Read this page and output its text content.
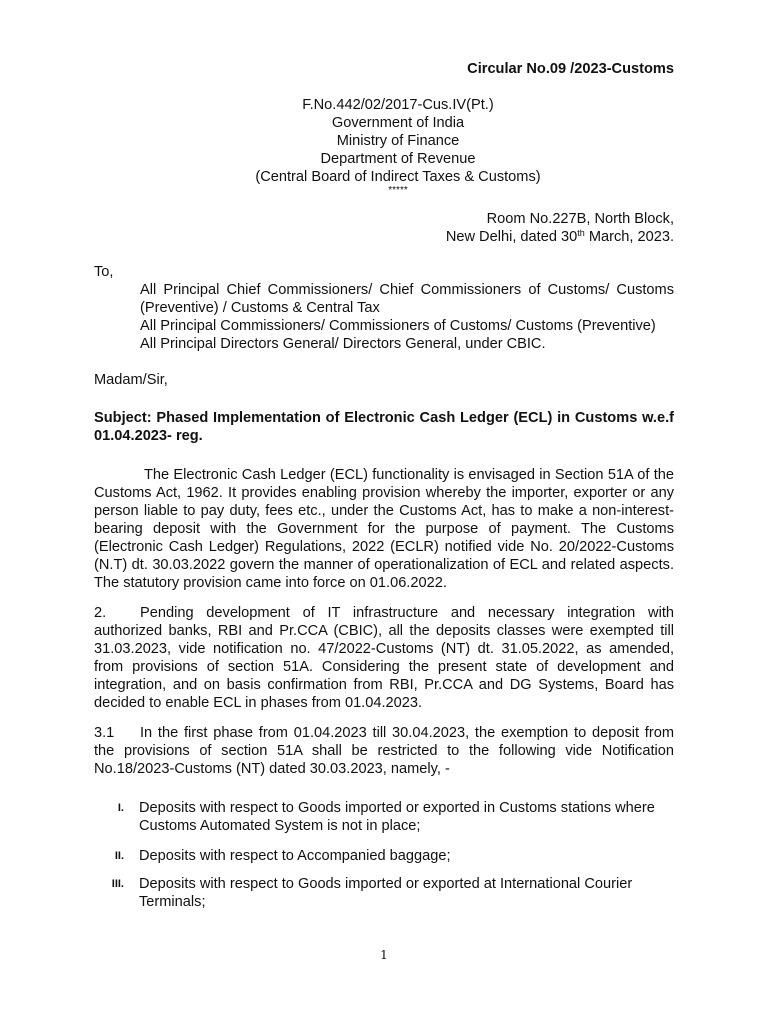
Circular No.09 /2023-Customs
F.No.442/02/2017-Cus.IV(Pt.)
Government of India
Ministry of Finance
Department of Revenue
(Central Board of Indirect Taxes & Customs)
*****
Room No.227B, North Block,
New Delhi, dated 30th March, 2023.
To,

All Principal Chief Commissioners/ Chief Commissioners of Customs/ Customs (Preventive) / Customs & Central Tax

All Principal Commissioners/ Commissioners of Customs/ Customs (Preventive)

All Principal Directors General/ Directors General, under CBIC.

Madam/Sir,
Subject: Phased Implementation of Electronic Cash Ledger (ECL) in Customs w.e.f 01.04.2023- reg.

The Electronic Cash Ledger (ECL) functionality is envisaged in Section 51A of the Customs Act, 1962. It provides enabling provision whereby the importer, exporter or any person liable to pay duty, fees etc., under the Customs Act, has to make a non-interest-bearing deposit with the Government for the purpose of payment. The Customs (Electronic Cash Ledger) Regulations, 2022 (ECLR) notified vide No. 20/2022-Customs (N.T) dt. 30.03.2022 govern the manner of operationalization of ECL and related aspects. The statutory provision came into force on 01.06.2022.

2. Pending development of IT infrastructure and necessary integration with authorized banks, RBI and Pr.CCA (CBIC), all the deposits classes were exempted till 31.03.2023, vide notification no. 47/2022-Customs (NT) dt. 31.05.2022, as amended, from provisions of section 51A. Considering the present state of development and integration, and on basis confirmation from RBI, Pr.CCA and DG Systems, Board has decided to enable ECL in phases from 01.04.2023.

3.1 In the first phase from 01.04.2023 till 30.04.2023, the exemption to deposit from the provisions of section 51A shall be restricted to the following vide Notification No.18/2023-Customs (NT) dated 30.03.2023, namely, -

I. Deposits with respect to Goods imported or exported in Customs stations where Customs Automated System is not in place;
II. Deposits with respect to Accompanied baggage;
III. Deposits with respect to Goods imported or exported at International Courier Terminals;
1
